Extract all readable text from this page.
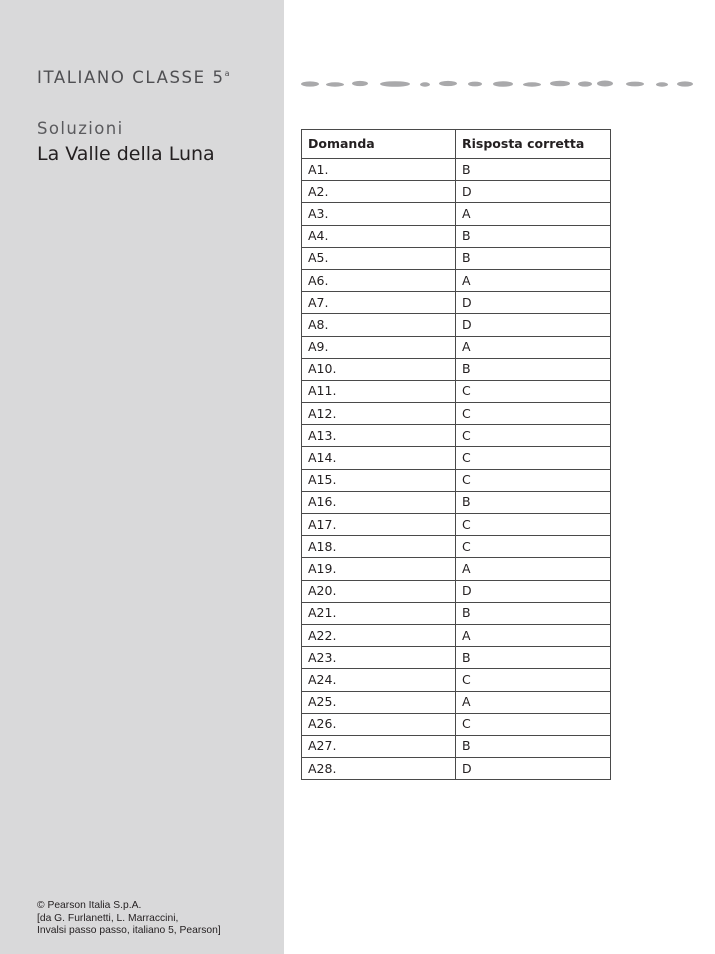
ITALIANO CLASSE 5$^a$
Soluzioni
La Valle della Luna
© Pearson Italia S.p.A.
[da G. Furlanetti, L. Marraccini,
Invalsi passo passo, italiano 5, Pearson]
Domanda	Risposta corretta
A1.	B
A2.	D
A3.	A
A4.	B
A5.	B
A6.	A
A7.	D
A8.	D
A9.	A
A10.	B
A11.	C
A12.	C
A13.	C
A14.	C
A15.	C
A16.	B
A17.	C
A18.	C
A19.	A
A20.	D
A21.	B
A22.	A
A23.	B
A24.	C
A25.	A
A26.	C
A27.	B
A28.	D
